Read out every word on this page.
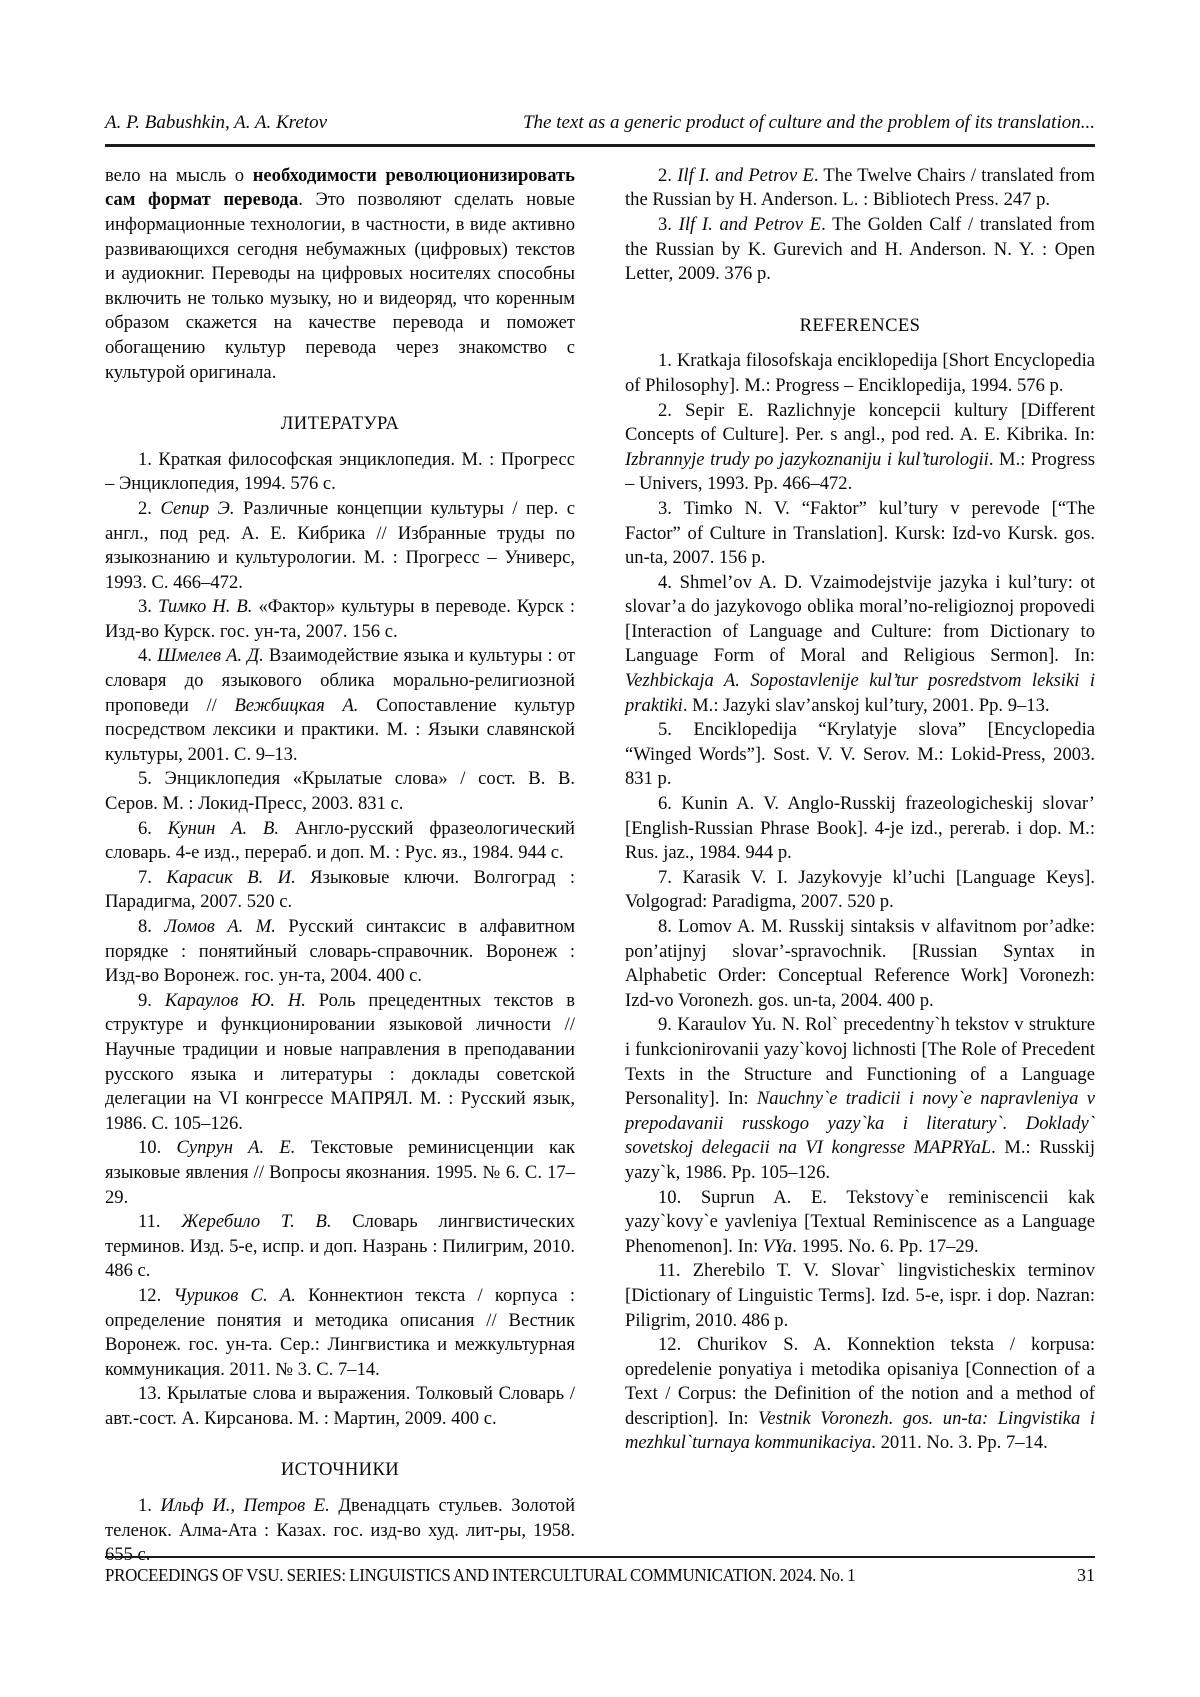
A. P. Babushkin, A. A. Kretov	The text as a generic product of culture and the problem of its translation...

вело на мысль о необходимости революционизировать сам формат перевода. Это позволяют сделать новые информационные технологии, в частности, в виде активно развивающихся сегодня небумажных (цифровых) текстов и аудиокниг. Переводы на цифровых носителях способны включить не только музыку, но и видеоряд, что коренным образом скажется на качестве перевода и поможет обогащению культур перевода через знакомство с культурой оригинала.

ЛИТЕРАТУРА

1. Краткая философская энциклопедия. М. : Прогресс – Энциклопедия, 1994. 576 с.

2. Сепир Э. Различные концепции культуры / пер. с англ., под ред. А. Е. Кибрика // Избранные труды по языкознанию и культурологии. М. : Прогресс – Универс, 1993. С. 466–472.

3. Тимко Н. В. «Фактор» культуры в переводе. Курск : Изд-во Курск. гос. ун-та, 2007. 156 с.

4. Шмелев А. Д. Взаимодействие языка и культуры : от словаря до языкового облика морально-религиозной проповеди // Вежбицкая А. Сопоставление культур посредством лексики и практики. М. : Языки славянской культуры, 2001. С. 9–13.

5. Энциклопедия «Крылатые слова» / сост. В. В. Серов. М. : Локид-Пресс, 2003. 831 с.

6. Кунин А. В. Англо-русский фразеологический словарь. 4-е изд., перераб. и доп. М. : Рус. яз., 1984. 944 с.

7. Карасик В. И. Языковые ключи. Волгоград : Парадигма, 2007. 520 с.

8. Ломов А. М. Русский синтаксис в алфавитном порядке : понятийный словарь-справочник. Воронеж : Изд-во Воронеж. гос. ун-та, 2004. 400 с.

9. Караулов Ю. Н. Роль прецедентных текстов в структуре и функционировании языковой личности // Научные традиции и новые направления в преподавании русского языка и литературы : доклады советской делегации на VI конгрессе МАПРЯЛ. М. : Русский язык, 1986. С. 105–126.

10. Супрун А. Е. Текстовые реминисценции как языковые явления // Вопросы якознания. 1995. № 6. С. 17–29.

11. Жеребило Т. В. Словарь лингвистических терминов. Изд. 5-е, испр. и доп. Назрань : Пилигрим, 2010. 486 с.

12. Чуриков С. А. Коннектион текста / корпуса : определение понятия и методика описания // Вестник Воронеж. гос. ун-та. Сер.: Лингвистика и межкультурная коммуникация. 2011. № 3. С. 7–14.

13. Крылатые слова и выражения. Толковый Словарь / авт.-сост. А. Кирсанова. М. : Мартин, 2009. 400 с.

ИСТОЧНИКИ

1. Ильф И., Петров Е. Двенадцать стульев. Золотой теленок. Алма-Ата : Казах. гос. изд-во худ. лит-ры, 1958. 655 с.

2. Ilf I. and Petrov E. The Twelve Chairs / translated from the Russian by H. Anderson. L. : Bibliotech Press. 247 p.

3. Ilf I. and Petrov E. The Golden Calf / translated from the Russian by K. Gurevich and H. Anderson. N. Y. : Open Letter, 2009. 376 p.

REFERENCES

1. Kratkaja filosofskaja enciklopedija [Short Encyclopedia of Philosophy]. M.: Progress – Enciklopedija, 1994. 576 p.

2. Sepir E. Razlichnyje koncepcii kultury [Different Concepts of Culture]. Per. s angl., pod red. A. E. Kibrika. In: Izbrannyje trudy po jazykoznaniju i kul’turologii. M.: Progress – Univers, 1993. Pp. 466–472.

3. Timko N. V. “Faktor” kul’tury v perevode [“The Factor” of Culture in Translation]. Kursk: Izd-vo Kursk. gos. un-ta, 2007. 156 p.

4. Shmel’ov A. D. Vzaimodejstvije jazyka i kul’tury: ot slovar’a do jazykovogo oblika moral’no-religioznoj propovedi [Interaction of Language and Culture: from Dictionary to Language Form of Moral and Religious Sermon]. In: Vezhbickaja A. Sopostavlenije kul’tur posredstvom leksiki i praktiki. M.: Jazyki slav’anskoj kul’tury, 2001. Pp. 9–13.

5. Enciklopedija “Krylatyje slova” [Encyclopedia “Winged Words”]. Sost. V. V. Serov. M.: Lokid-Press, 2003. 831 p.

6. Kunin A. V. Anglo-Russkij frazeologicheskij slovar’ [English-Russian Phrase Book]. 4-je izd., pererab. i dop. M.: Rus. jaz., 1984. 944 p.

7. Karasik V. I. Jazykovyje kl’uchi [Language Keys]. Volgograd: Paradigma, 2007. 520 p.

8. Lomov A. M. Russkij sintaksis v alfavitnom por’adke: pon’atijnyj slovar’-spravochnik. [Russian Syntax in Alphabetic Order: Conceptual Reference Work] Voronezh: Izd-vo Voronezh. gos. un-ta, 2004. 400 p.

9. Karaulov Yu. N. Rol` precedentny`h tekstov v strukture i funkcionirovanii yazy`kovoj lichnosti [The Role of Precedent Texts in the Structure and Functioning of a Language Personality]. In: Nauchny`e tradicii i novy`e napravleniya v prepodavanii russkogo yazy`ka i literatury`. Doklady` sovetskoj delegacii na VI kongresse MAPRYaL. M.: Russkij yazy`k, 1986. Pp. 105–126.

10. Suprun A. E. Tekstovy`e reminiscencii kak yazy`kovy`e yavleniya [Textual Reminiscence as a Language Phenomenon]. In: VYa. 1995. No. 6. Pp. 17–29.

11. Zherebilo T. V. Slovar` lingvisticheskix terminov [Dictionary of Linguistic Terms]. Izd. 5-e, ispr. i dop. Nazran: Piligrim, 2010. 486 p.

12. Churikov S. A. Konnektion teksta / korpusa: opredelenie ponyatiya i metodika opisaniya [Connection of a Text / Corpus: the Definition of the notion and a method of description]. In: Vestnik Voronezh. gos. un-ta: Lingvistika i mezhkul`turnaya kommunikaciya. 2011. No. 3. Pp. 7–14.

PROCEEDINGS OF VSU. SERIES: LINGUISTICS AND INTERCULTURAL COMMUNICATION. 2024. No. 1	31
